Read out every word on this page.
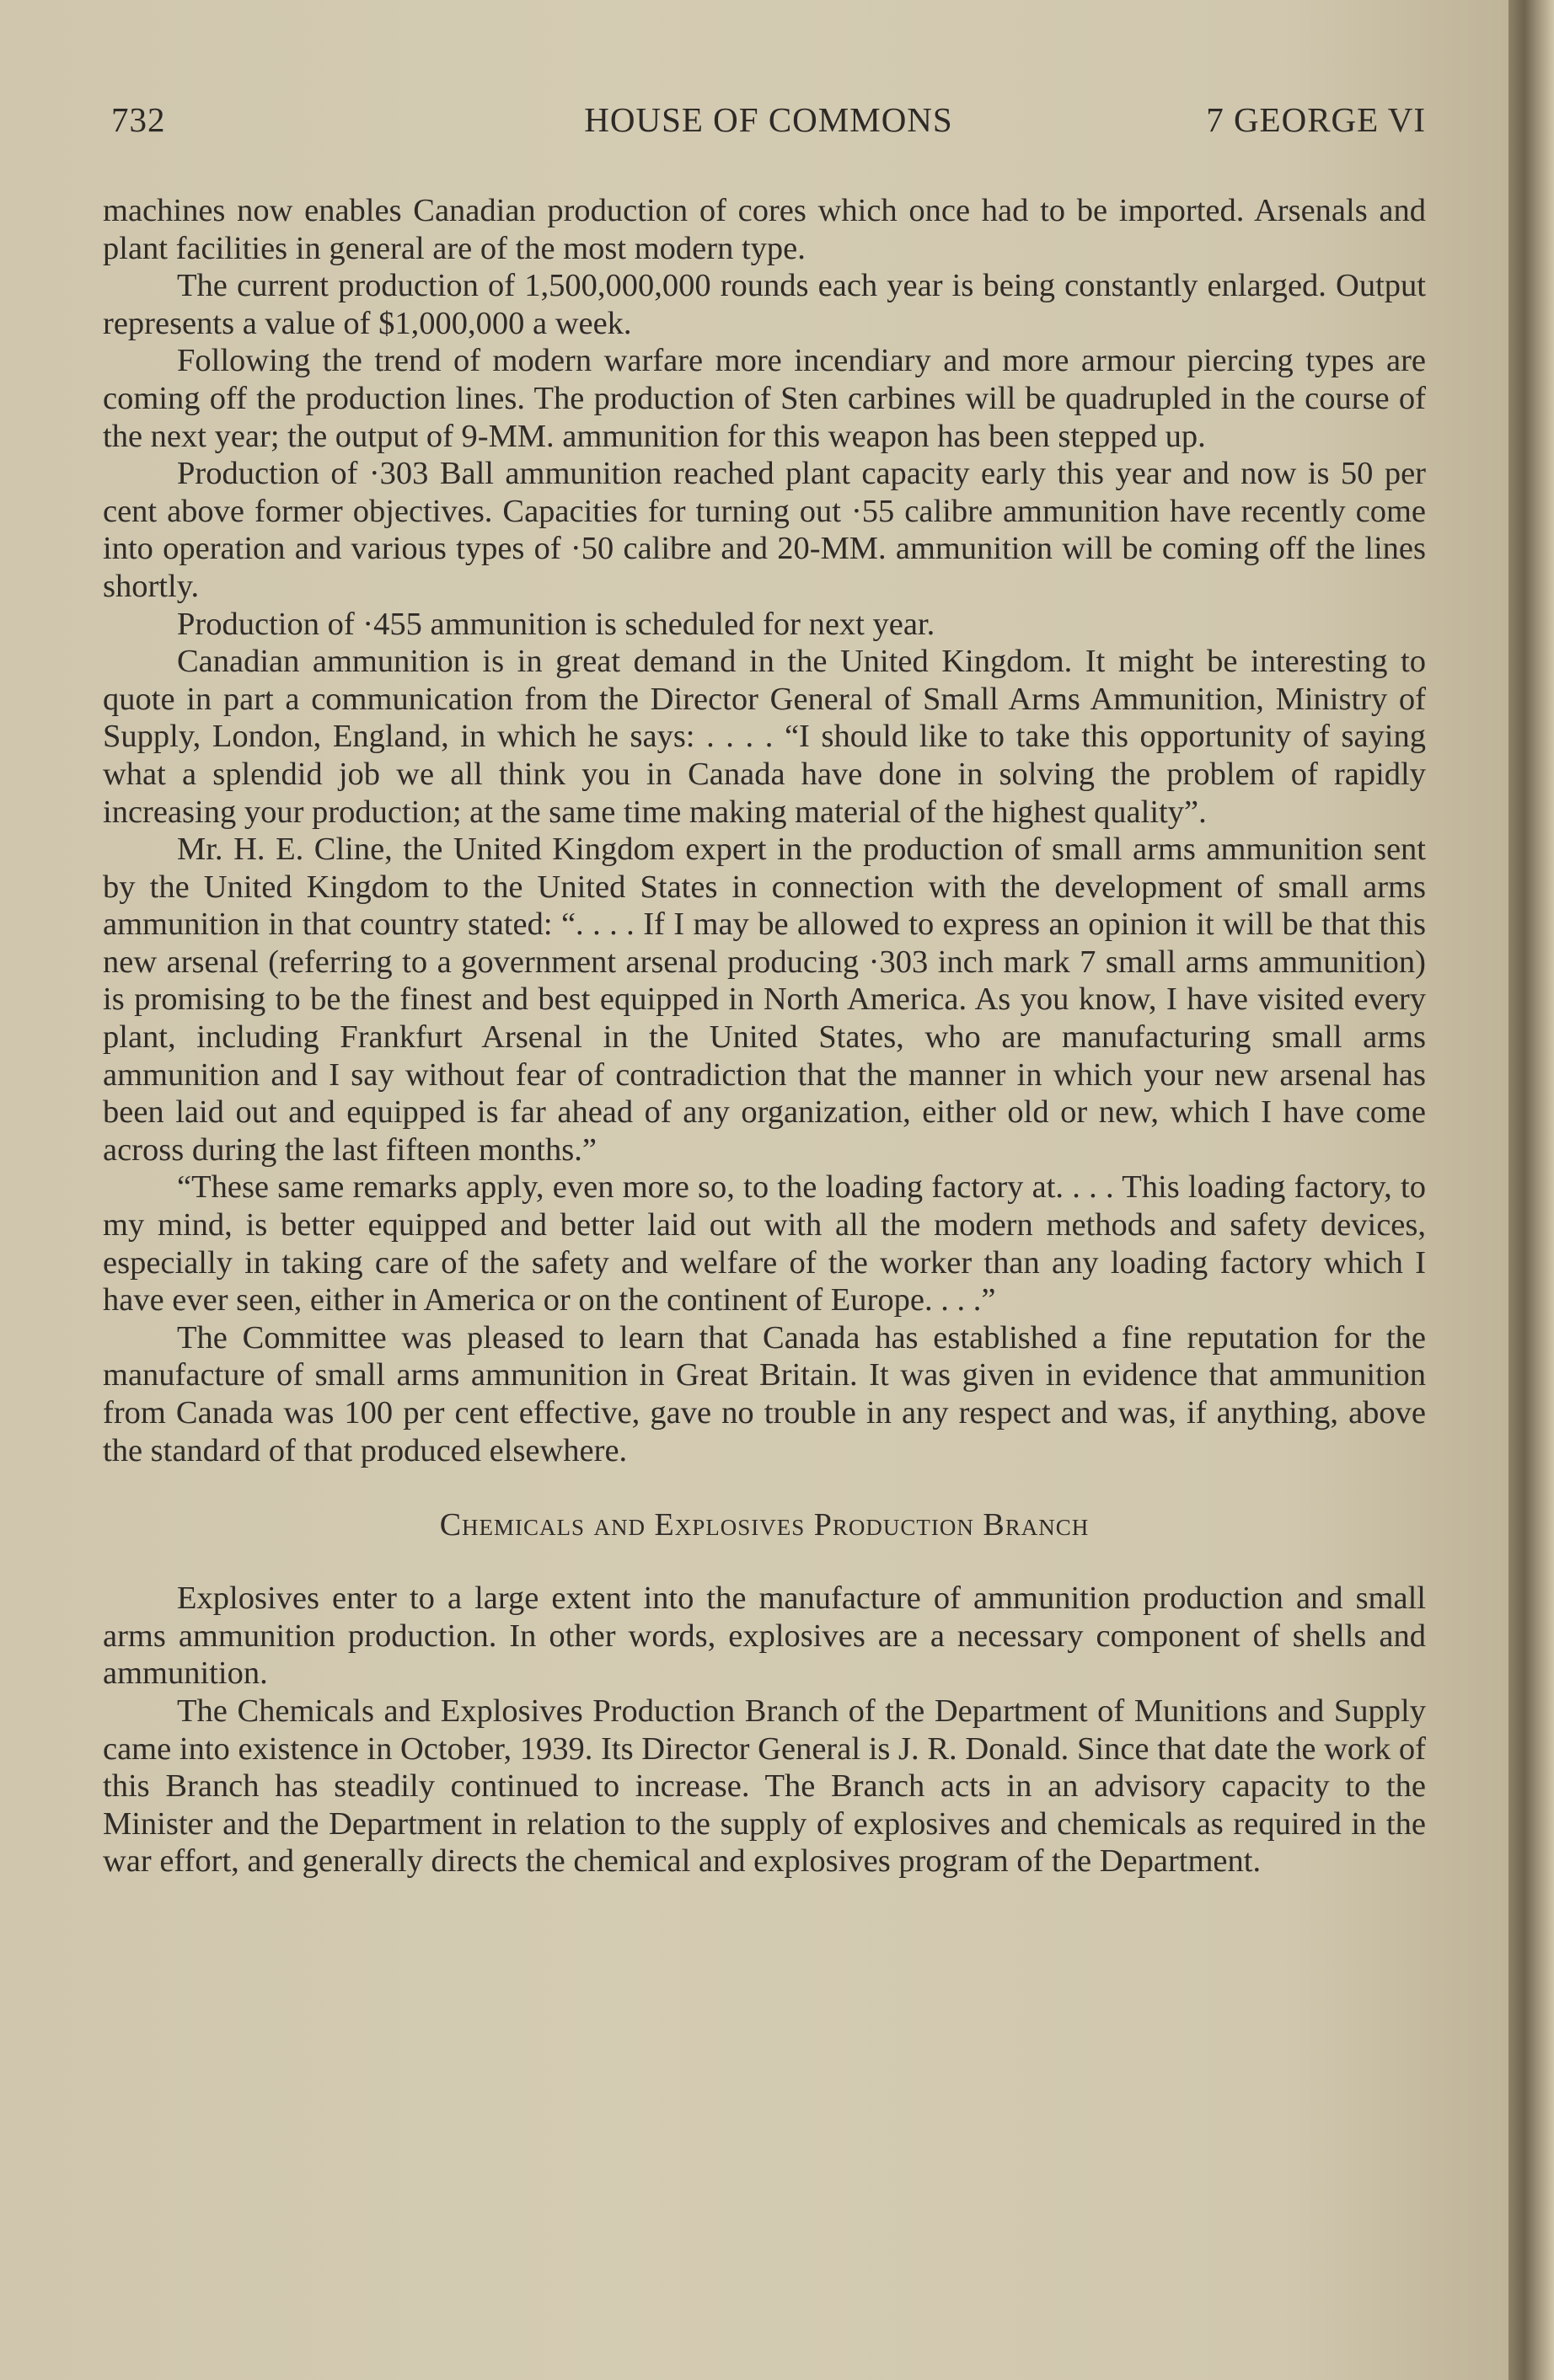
732	HOUSE OF COMMONS	7 GEORGE VI

machines now enables Canadian production of cores which once had to be imported. Arsenals and plant facilities in general are of the most modern type.

The current production of 1,500,000,000 rounds each year is being constantly enlarged. Output represents a value of $1,000,000 a week.

Following the trend of modern warfare more incendiary and more armour piercing types are coming off the production lines. The production of Sten carbines will be quadrupled in the course of the next year; the output of 9-MM. ammunition for this weapon has been stepped up.

Production of ·303 Ball ammunition reached plant capacity early this year and now is 50 per cent above former objectives. Capacities for turning out ·55 calibre ammunition have recently come into operation and various types of ·50 calibre and 20-MM. ammunition will be coming off the lines shortly.

Production of ·455 ammunition is scheduled for next year.

Canadian ammunition is in great demand in the United Kingdom. It might be interesting to quote in part a communication from the Director General of Small Arms Ammunition, Ministry of Supply, London, England, in which he says: . . . . “I should like to take this opportunity of saying what a splendid job we all think you in Canada have done in solving the problem of rapidly increasing your production; at the same time making material of the highest quality”.

Mr. H. E. Cline, the United Kingdom expert in the production of small arms ammunition sent by the United Kingdom to the United States in connection with the development of small arms ammunition in that country stated: “. . . . If I may be allowed to express an opinion it will be that this new arsenal (referring to a government arsenal producing ·303 inch mark 7 small arms ammunition) is promising to be the finest and best equipped in North America. As you know, I have visited every plant, including Frankfurt Arsenal in the United States, who are manufacturing small arms ammunition and I say without fear of contradiction that the manner in which your new arsenal has been laid out and equipped is far ahead of any organization, either old or new, which I have come across during the last fifteen months.”

“These same remarks apply, even more so, to the loading factory at. . . . This loading factory, to my mind, is better equipped and better laid out with all the modern methods and safety devices, especially in taking care of the safety and welfare of the worker than any loading factory which I have ever seen, either in America or on the continent of Europe. . . .”

The Committee was pleased to learn that Canada has established a fine reputation for the manufacture of small arms ammunition in Great Britain. It was given in evidence that ammunition from Canada was 100 per cent effective, gave no trouble in any respect and was, if anything, above the standard of that produced elsewhere.

Chemicals and Explosives Production Branch

Explosives enter to a large extent into the manufacture of ammunition production and small arms ammunition production. In other words, explosives are a necessary component of shells and ammunition.

The Chemicals and Explosives Production Branch of the Department of Munitions and Supply came into existence in October, 1939. Its Director General is J. R. Donald. Since that date the work of this Branch has steadily continued to increase. The Branch acts in an advisory capacity to the Minister and the Department in relation to the supply of explosives and chemicals as required in the war effort, and generally directs the chemical and explosives program of the Department.
